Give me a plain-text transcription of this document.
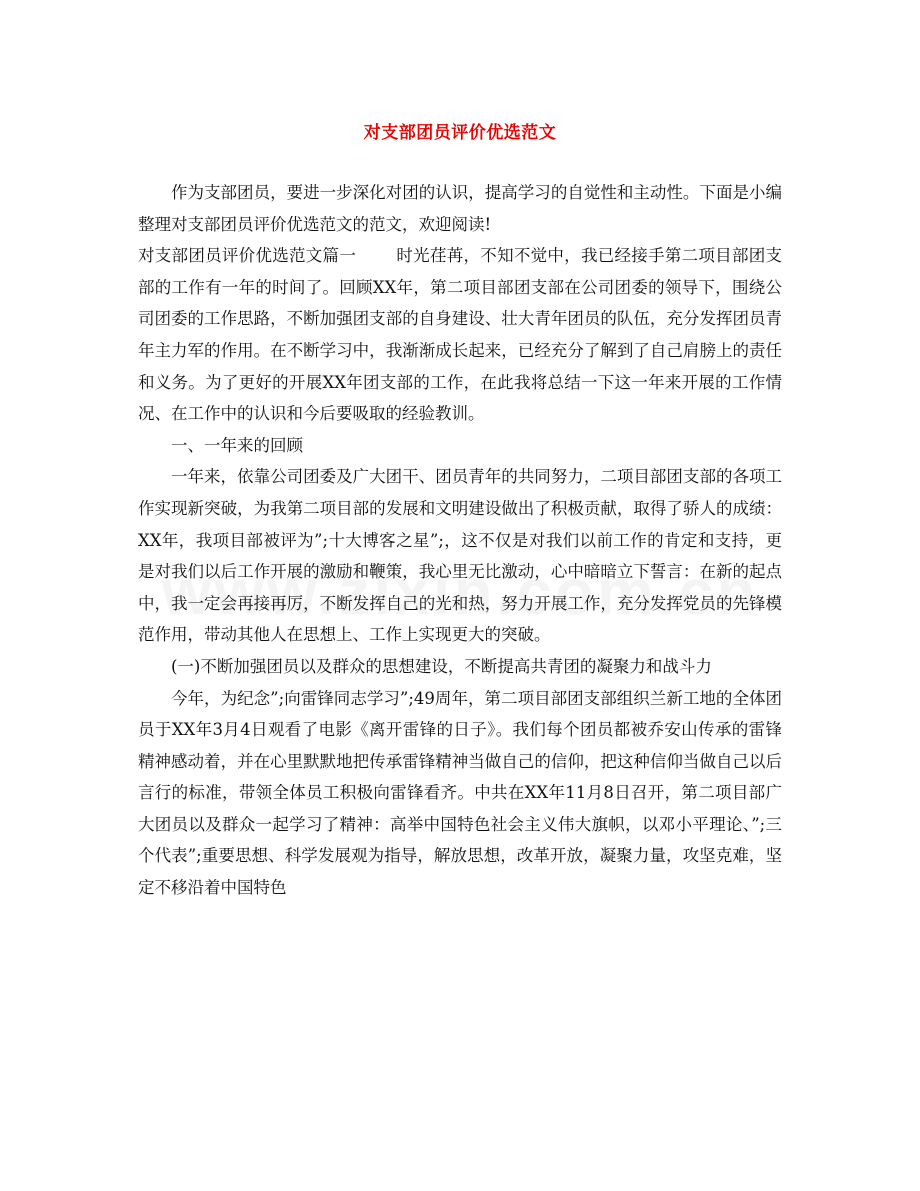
对支部团员评价优选范文

作为支部团员，要进一步深化对团的认识，提高学习的自觉性和主动性。下面是小编整理对支部团员评价优选范文的范文，欢迎阅读!

对支部团员评价优选范文篇一 时光荏苒，不知不觉中，我已经接手第二项目部团支部的工作有一年的时间了。回顾XX年，第二项目部团支部在公司团委的领导下，围绕公司团委的工作思路，不断加强团支部的自身建设、壮大青年团员的队伍，充分发挥团员青年主力军的作用。在不断学习中，我渐渐成长起来，已经充分了解到了自己肩膀上的责任和义务。为了更好的开展XX年团支部的工作，在此我将总结一下这一年来开展的工作情况、在工作中的认识和今后要吸取的经验教训。

一、一年来的回顾

一年来，依靠公司团委及广大团干、团员青年的共同努力，二项目部团支部的各项工作实现新突破，为我第二项目部的发展和文明建设做出了积极贡献，取得了骄人的成绩：XX年，我项目部被评为”;十大博客之星”;，这不仅是对我们以前工作的肯定和支持，更是对我们以后工作开展的激励和鞭策，我心里无比激动，心中暗暗立下誓言：在新的起点中，我一定会再接再厉，不断发挥自己的光和热，努力开展工作，充分发挥党员的先锋模范作用，带动其他人在思想上、工作上实现更大的突破。

(一)不断加强团员以及群众的思想建设，不断提高共青团的凝聚力和战斗力

今年，为纪念”;向雷锋同志学习”;49周年，第二项目部团支部组织兰新工地的全体团员于XX年3月4日观看了电影《离开雷锋的日子》。我们每个团员都被乔安山传承的雷锋精神感动着，并在心里默默地把传承雷锋精神当做自己的信仰，把这种信仰当做自己以后言行的标准，带领全体员工积极向雷锋看齐。中共在XX年11月8日召开，第二项目部广大团员以及群众一起学习了精神：高举中国特色社会主义伟大旗帜，以邓小平理论、”;三个代表”;重要思想、科学发展观为指导，解放思想，改革开放，凝聚力量，攻坚克难，坚定不移沿着中国特色
